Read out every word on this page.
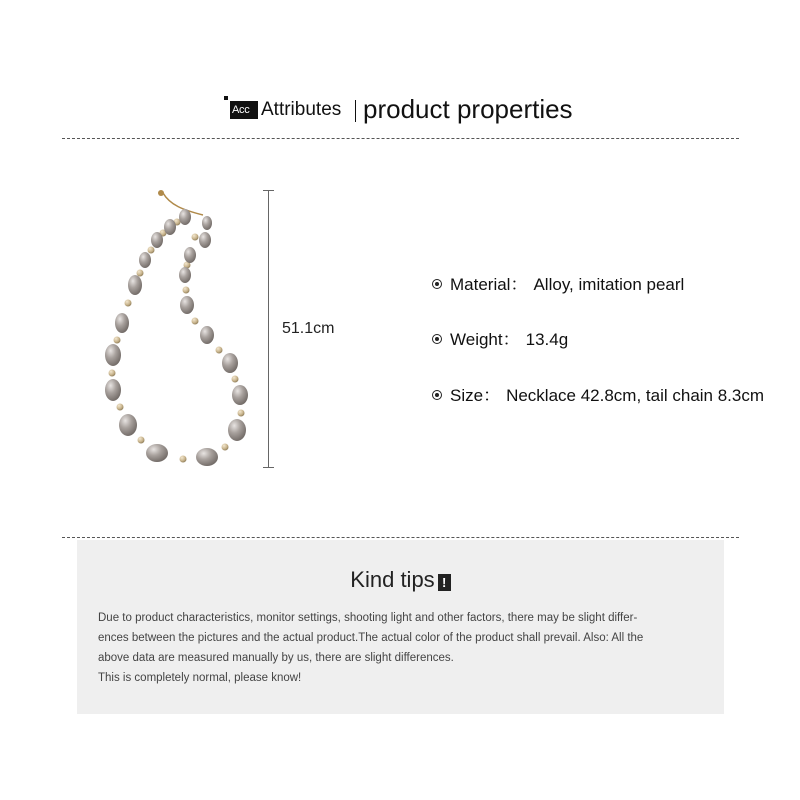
Acc Attributes product properties
51.1cm
Material： Alloy, imitation pearl
Weight： 13.4g
Size： Necklace 42.8cm, tail chain 8.3cm
Kind tips !
Due to product characteristics, monitor settings, shooting light and other factors, there may be slight differ-
ences between the pictures and the actual product.The actual color of the product shall prevail. Also: All the
above data are measured manually by us, there are slight differences.
This is completely normal, please know!
